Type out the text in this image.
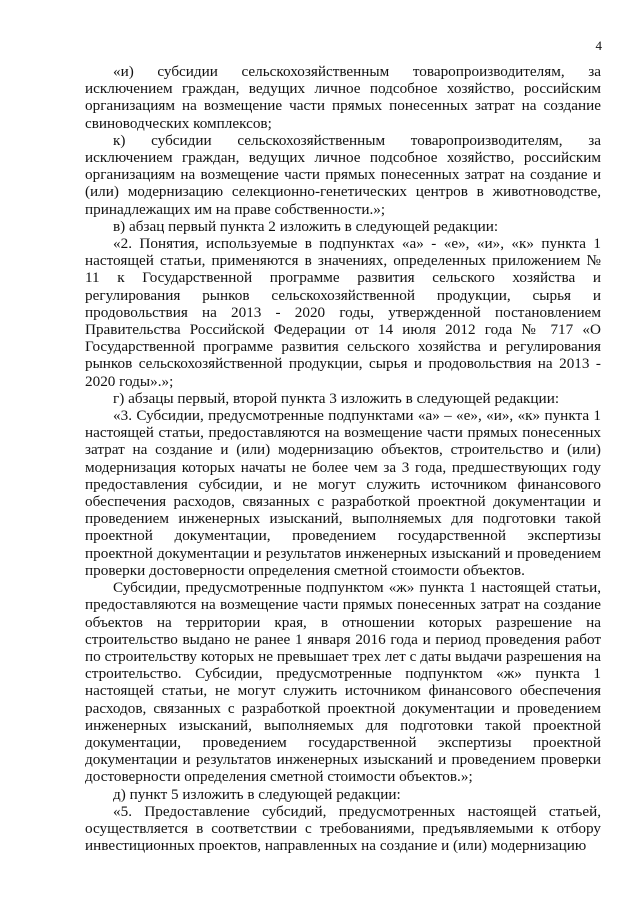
4

«и) субсидии сельскохозяйственным товаропроизводителям, за исключением граждан, ведущих личное подсобное хозяйство, российским организациям на возмещение части прямых понесенных затрат на создание свиноводческих комплексов;

к) субсидии сельскохозяйственным товаропроизводителям, за исключением граждан, ведущих личное подсобное хозяйство, российским организациям на возмещение части прямых понесенных затрат на создание и (или) модернизацию селекционно-генетических центров в животноводстве, принадлежащих им на праве собственности.»;

в) абзац первый пункта 2 изложить в следующей редакции:

«2. Понятия, используемые в подпунктах «а» - «е», «и», «к» пункта 1 настоящей статьи, применяются в значениях, определенных приложением № 11 к Государственной программе развития сельского хозяйства и регулирования рынков сельскохозяйственной продукции, сырья и продовольствия на 2013 - 2020 годы, утвержденной постановлением Правительства Российской Федерации от 14 июля 2012 года № 717 «О Государственной программе развития сельского хозяйства и регулирования рынков сельскохозяйственной продукции, сырья и продовольствия на 2013 - 2020 годы».»;

г) абзацы первый, второй пункта 3 изложить в следующей редакции:

«3. Субсидии, предусмотренные подпунктами «а» – «е», «и», «к» пункта 1 настоящей статьи, предоставляются на возмещение части прямых понесенных затрат на создание и (или) модернизацию объектов, строительство и (или) модернизация которых начаты не более чем за 3 года, предшествующих году предоставления субсидии, и не могут служить источником финансового обеспечения расходов, связанных с разработкой проектной документации и проведением инженерных изысканий, выполняемых для подготовки такой проектной документации, проведением государственной экспертизы проектной документации и результатов инженерных изысканий и проведением проверки достоверности определения сметной стоимости объектов.

Субсидии, предусмотренные подпунктом «ж» пункта 1 настоящей статьи, предоставляются на возмещение части прямых понесенных затрат на создание объектов на территории края, в отношении которых разрешение на строительство выдано не ранее 1 января 2016 года и период проведения работ по строительству которых не превышает трех лет с даты выдачи разрешения на строительство. Субсидии, предусмотренные подпунктом «ж» пункта 1 настоящей статьи, не могут служить источником финансового обеспечения расходов, связанных с разработкой проектной документации и проведением инженерных изысканий, выполняемых для подготовки такой проектной документации, проведением государственной экспертизы проектной документации и результатов инженерных изысканий и проведением проверки достоверности определения сметной стоимости объектов.»;

д) пункт 5 изложить в следующей редакции:

«5. Предоставление субсидий, предусмотренных настоящей статьей, осуществляется в соответствии с требованиями, предъявляемыми к отбору инвестиционных проектов, направленных на создание и (или) модернизацию
